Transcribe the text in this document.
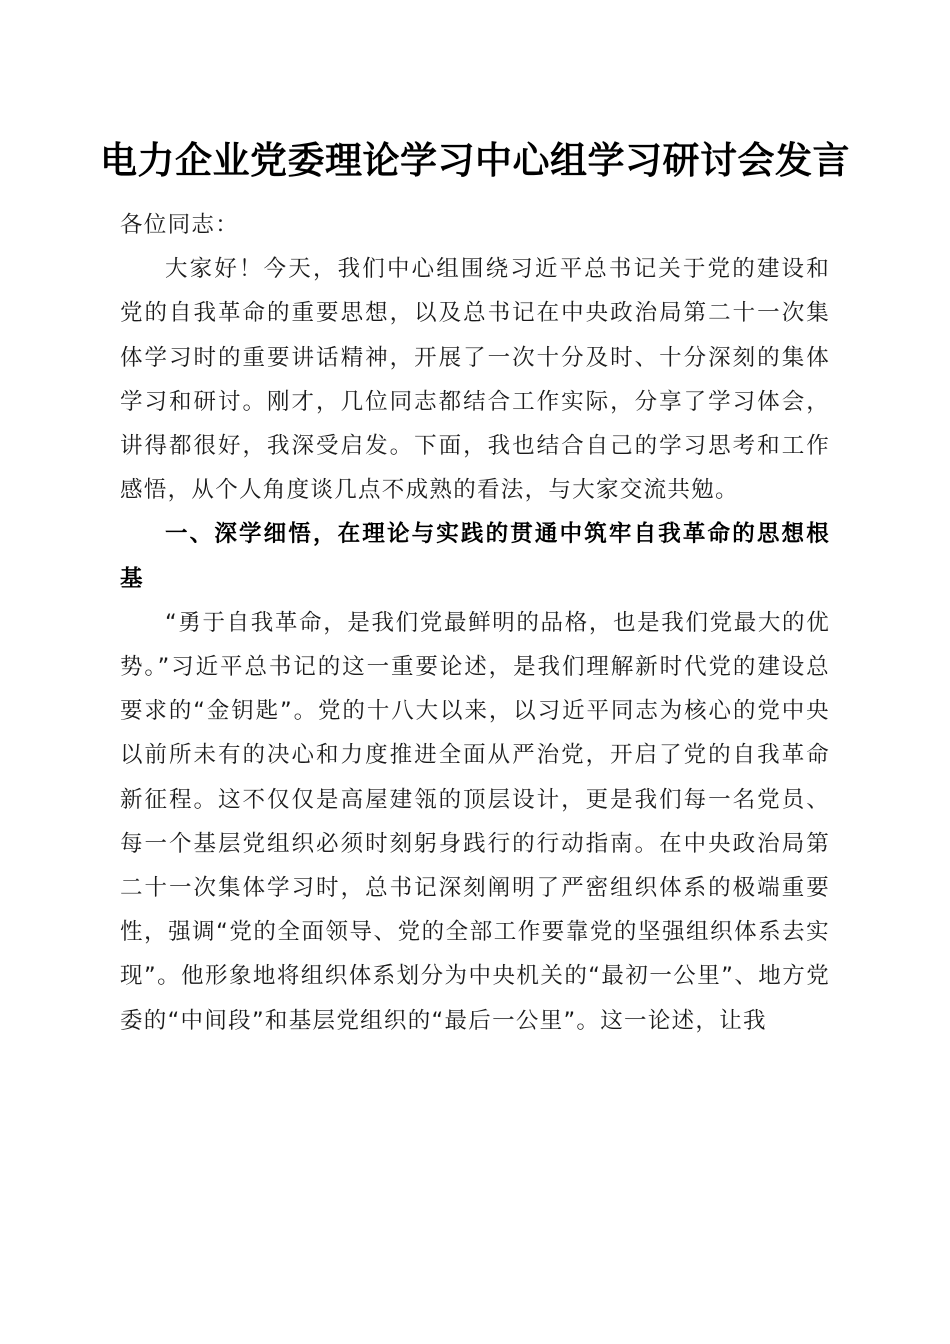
电力企业党委理论学习中心组学习研讨会发言

各位同志：

大家好！今天，我们中心组围绕习近平总书记关于党的建设和党的自我革命的重要思想，以及总书记在中央政治局第二十一次集体学习时的重要讲话精神，开展了一次十分及时、十分深刻的集体学习和研讨。刚才，几位同志都结合工作实际，分享了学习体会，讲得都很好，我深受启发。下面，我也结合自己的学习思考和工作感悟，从个人角度谈几点不成熟的看法，与大家交流共勉。

一、深学细悟，在理论与实践的贯通中筑牢自我革命的思想根基

“勇于自我革命，是我们党最鲜明的品格，也是我们党最大的优势。”习近平总书记的这一重要论述，是我们理解新时代党的建设总要求的“金钥匙”。党的十八大以来，以习近平同志为核心的党中央以前所未有的决心和力度推进全面从严治党，开启了党的自我革命新征程。这不仅仅是高屋建瓴的顶层设计，更是我们每一名党员、每一个基层党组织必须时刻躬身践行的行动指南。在中央政治局第二十一次集体学习时，总书记深刻阐明了严密组织体系的极端重要性，强调“党的全面领导、党的全部工作要靠党的坚强组织体系去实现”。他形象地将组织体系划分为中央机关的“最初一公里”、地方党委的“中间段”和基层党组织的“最后一公里”。这一论述，让我
